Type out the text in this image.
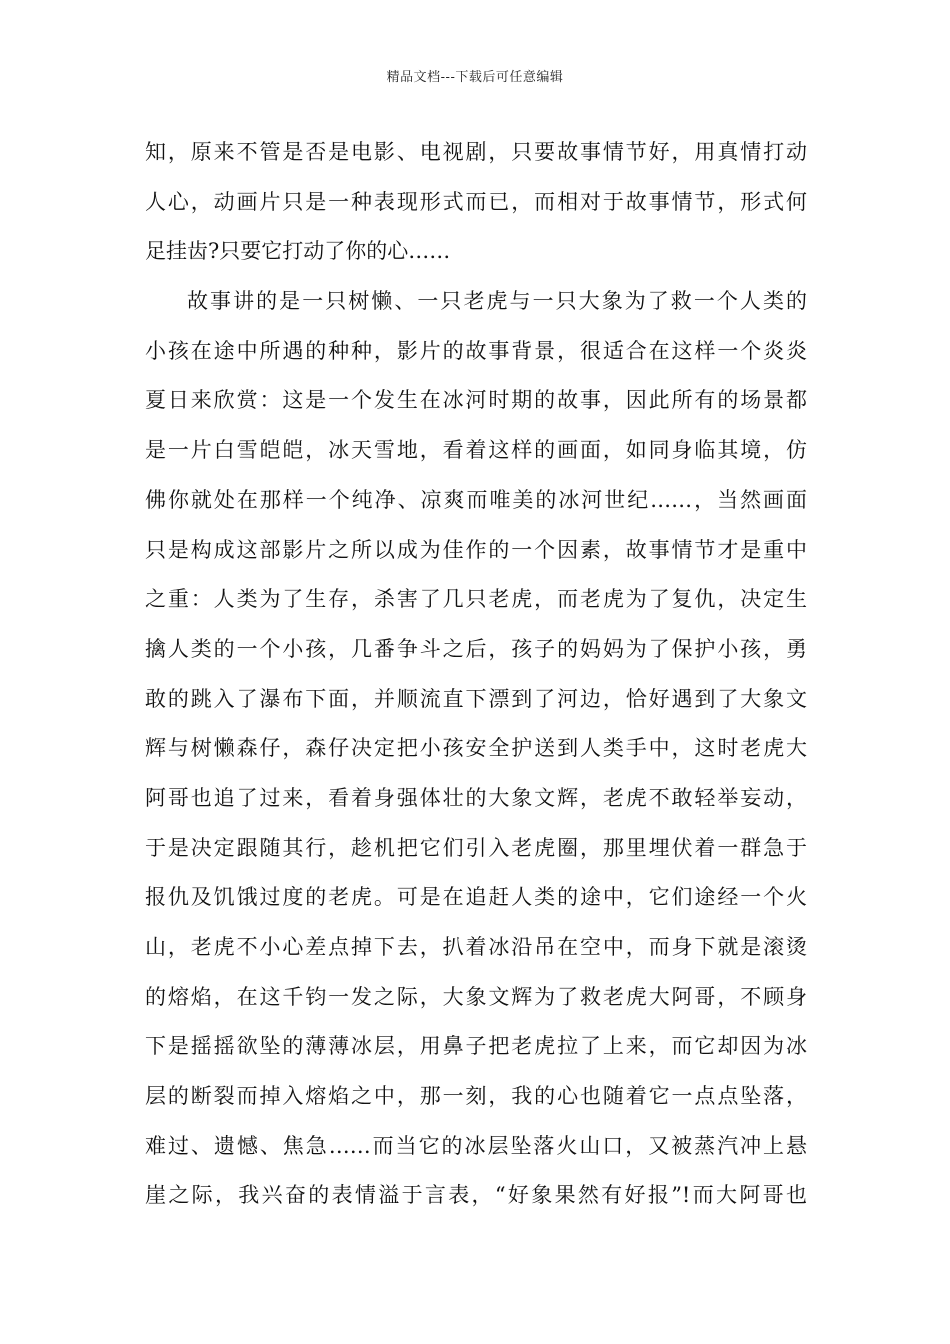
精品文档---下载后可任意编辑
知，原来不管是否是电影、电视剧，只要故事情节好，用真情打动
人心，动画片只是一种表现形式而已，而相对于故事情节，形式何
足挂齿?只要它打动了你的心……
故事讲的是一只树懒、一只老虎与一只大象为了救一个人类的
小孩在途中所遇的种种，影片的故事背景，很适合在这样一个炎炎
夏日来欣赏：这是一个发生在冰河时期的故事，因此所有的场景都
是一片白雪皑皑，冰天雪地，看着这样的画面，如同身临其境，仿
佛你就处在那样一个纯净、凉爽而唯美的冰河世纪……，当然画面
只是构成这部影片之所以成为佳作的一个因素，故事情节才是重中
之重：人类为了生存，杀害了几只老虎，而老虎为了复仇，决定生
擒人类的一个小孩，几番争斗之后，孩子的妈妈为了保护小孩，勇
敢的跳入了瀑布下面，并顺流直下漂到了河边，恰好遇到了大象文
辉与树懒森仔，森仔决定把小孩安全护送到人类手中，这时老虎大
阿哥也追了过来，看着身强体壮的大象文辉，老虎不敢轻举妄动，
于是决定跟随其行，趁机把它们引入老虎圈，那里埋伏着一群急于
报仇及饥饿过度的老虎。可是在追赶人类的途中，它们途经一个火
山，老虎不小心差点掉下去，扒着冰沿吊在空中，而身下就是滚烫
的熔焰，在这千钧一发之际，大象文辉为了救老虎大阿哥，不顾身
下是摇摇欲坠的薄薄冰层，用鼻子把老虎拉了上来，而它却因为冰
层的断裂而掉入熔焰之中，那一刻，我的心也随着它一点点坠落，
难过、遗憾、焦急……而当它的冰层坠落火山口，又被蒸汽冲上悬
崖之际，我兴奋的表情溢于言表，“好象果然有好报”!而大阿哥也
